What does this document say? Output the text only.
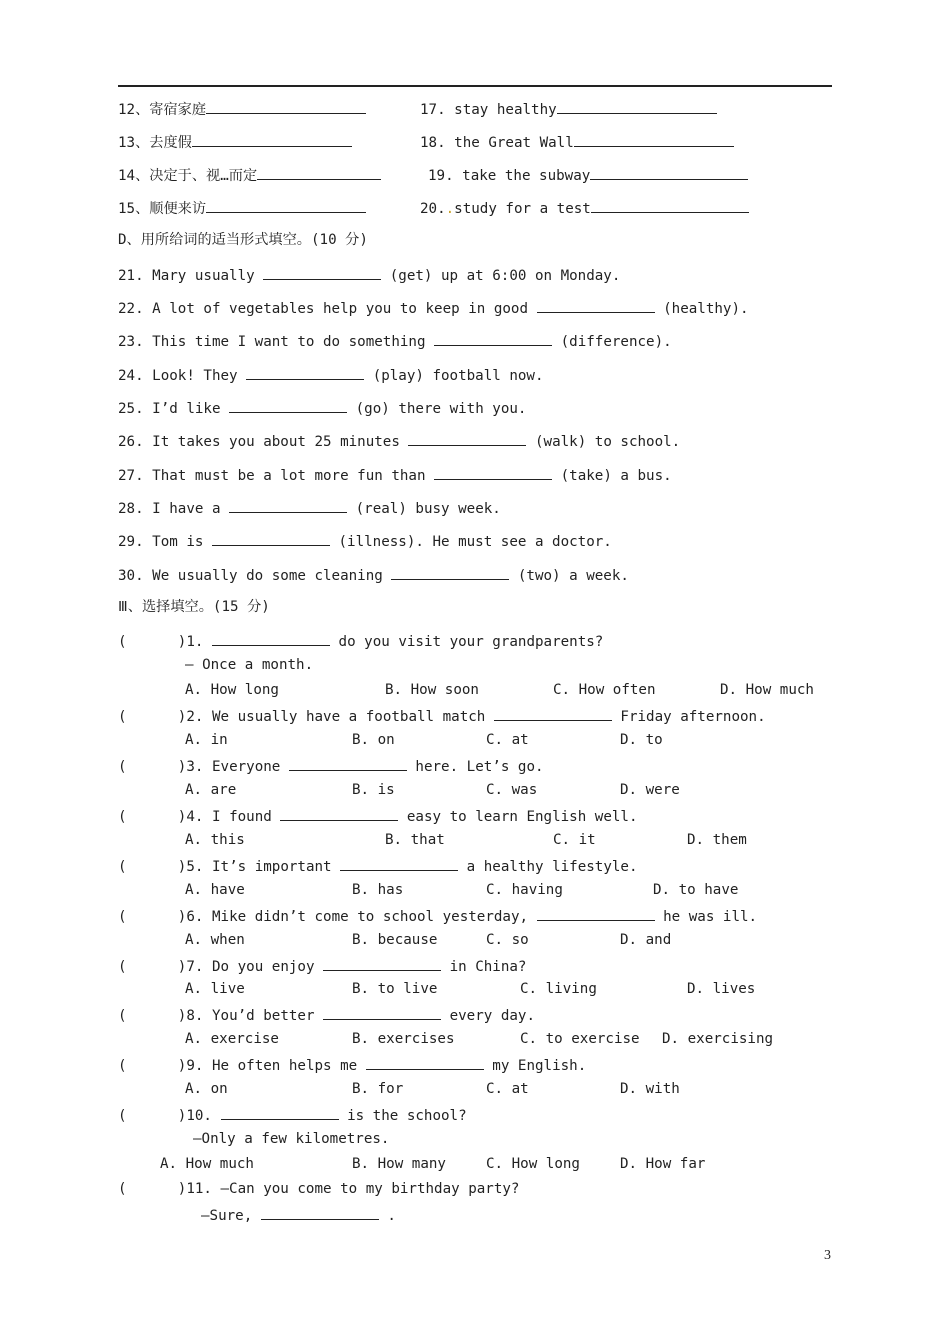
12、寄宿家庭	17. stay healthy
13、去度假	18. the Great Wall
14、决定于、视…而定	19. take the subway
15、顺便来访	20..study for a test
D、用所给词的适当形式填空。(10 分)
21. Mary usually	(get) up at 6:00 on Monday.
22. A lot of vegetables help you to keep in good	(healthy).
23. This time I want to do something	(difference).
24. Look! They	(play) football now.
25. I’d like	(go) there with you.
26. It takes you about 25 minutes	(walk) to school.
27. That must be a lot more fun than	(take) a bus.
28. I have a	(real) busy week.
29. Tom is	(illness). He must see a doctor.
30. We usually do some cleaning	(two) a week.
Ⅲ、选择填空。(15 分)
(      )1.	do you visit your grandparents?
— Once a month.
A. How long	B. How soon	C. How often	D. How much
(      )2. We usually have a football match	Friday afternoon.
A. in	B. on	C. at	D. to
(      )3. Everyone	here. Let’s go.
A. are	B. is	C. was	D. were
(      )4. I found	easy to learn English well.
A. this	B. that	C. it	D. them
(      )5. It’s important	a healthy lifestyle.
A. have	B. has	C. having	D. to have
(      )6. Mike didn’t come to school yesterday,	he was ill.
A. when	B. because	C. so	D. and
(      )7. Do you enjoy	in China?
A. live	B. to live	C. living	D. lives
(      )8. You’d better	every day.
A. exercise	B. exercises	C. to exercise D. exercising
(      )9. He often helps me	my English.
A. on	B. for	C. at	D. with
(      )10.	is the school?
—Only a few kilometres.
A. How much	B. How many	C. How long	D. How far
(      )11. —Can you come to my birthday party?
—Sure,	.
3
